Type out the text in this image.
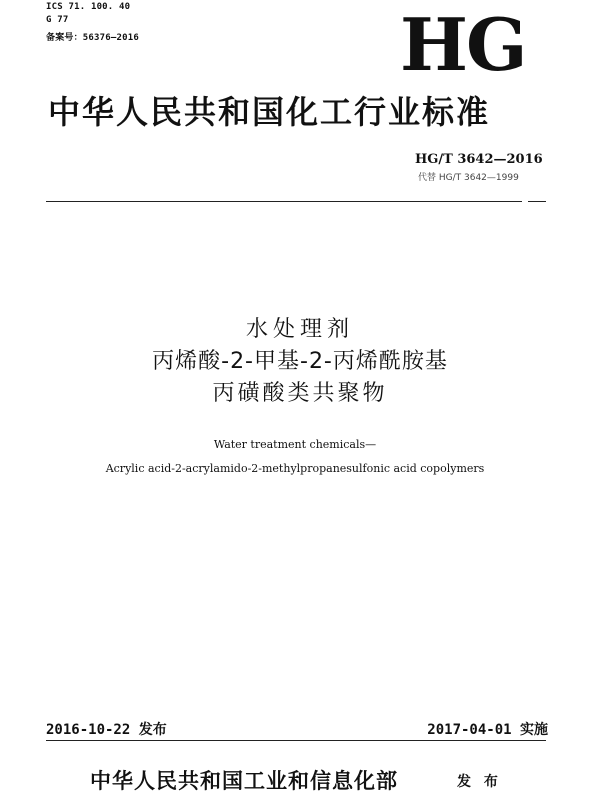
ICS 71. 100. 40
G 77
备案号：56376—2016	HG
中华人民共和国化工行业标准
HG/T 3642—2016
代替 HG/T 3642—1999
水处理剂
丙烯酸-2-甲基-2-丙烯酰胺基
丙磺酸类共聚物
Water treatment chemicals—
Acrylic acid-2-acrylamido-2-methylpropanesulfonic acid copolymers
2016-10-22 发布	2017-04-01 实施
中华人民共和国工业和信息化部	发 布
